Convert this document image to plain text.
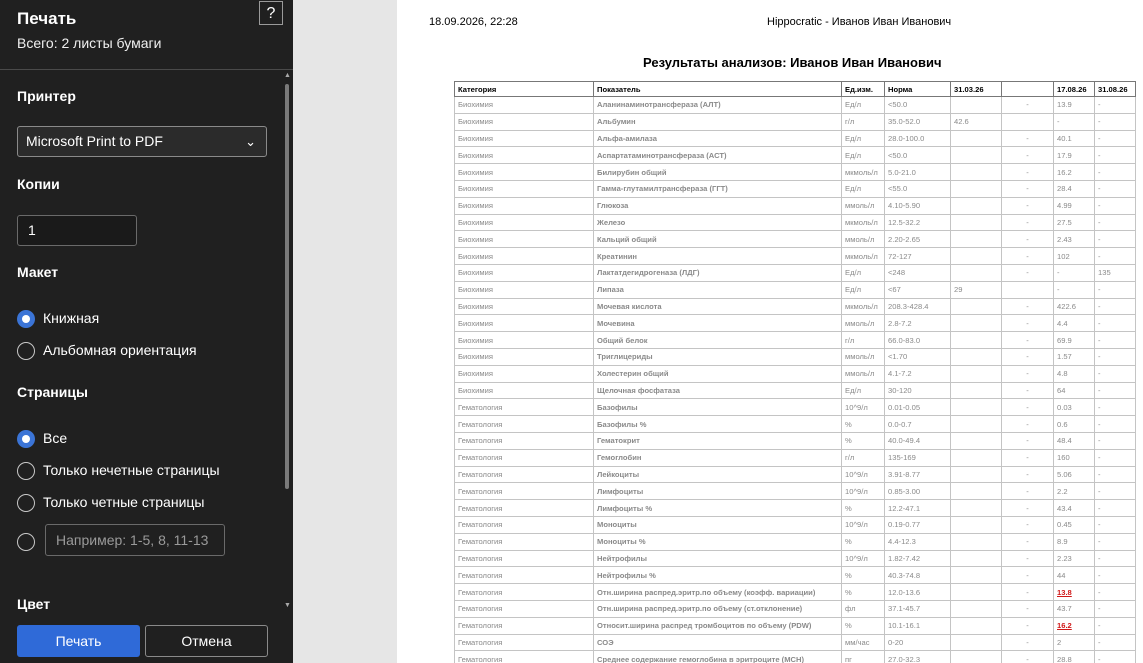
Печать
Всего: 2 листы бумаги
?
Принтер
Microsoft Print to PDF	⌄
Копии
1
Макет
Книжная
Альбомная ориентация
Страницы
Все
Только нечетные страницы
Только четные страницы
Например: 1-5, 8, 11-13
Цвет
▲
▼
Печать	Отмена
18.09.2026, 22:28	Hippocratic - Иванов Иван Иванович
Результаты анализов: Иванов Иван Иванович
Категория	Показатель	Ед.изм.	Норма	31.03.26		17.08.26	31.08.26
Биохимия	Аланинаминотрансфераза (АЛТ)	Ед/л	<50.0		-	13.9	-
Биохимия	Альбумин	г/л	35.0-52.0	42.6		-	-
Биохимия	Альфа-амилаза	Ед/л	28.0-100.0		-	40.1	-
Биохимия	Аспартатаминотрансфераза (АСТ)	Ед/л	<50.0		-	17.9	-
Биохимия	Билирубин общий	мкмоль/л	5.0-21.0		-	16.2	-
Биохимия	Гамма-глутамилтрансфераза (ГГТ)	Ед/л	<55.0		-	28.4	-
Биохимия	Глюкоза	ммоль/л	4.10-5.90		-	4.99	-
Биохимия	Железо	мкмоль/л	12.5-32.2		-	27.5	-
Биохимия	Кальций общий	ммоль/л	2.20-2.65		-	2.43	-
Биохимия	Креатинин	мкмоль/л	72-127		-	102	-
Биохимия	Лактатдегидрогеназа (ЛДГ)	Ед/л	<248		-	-	135
Биохимия	Липаза	Ед/л	<67	29		-	-
Биохимия	Мочевая кислота	мкмоль/л	208.3-428.4		-	422.6	-
Биохимия	Мочевина	ммоль/л	2.8-7.2		-	4.4	-
Биохимия	Общий белок	г/л	66.0-83.0		-	69.9	-
Биохимия	Триглицериды	ммоль/л	<1.70		-	1.57	-
Биохимия	Холестерин общий	ммоль/л	4.1-7.2		-	4.8	-
Биохимия	Щелочная фосфатаза	Ед/л	30-120		-	64	-
Гематология	Базофилы	10^9/л	0.01-0.05		-	0.03	-
Гематология	Базофилы %	%	0.0-0.7		-	0.6	-
Гематология	Гематокрит	%	40.0-49.4		-	48.4	-
Гематология	Гемоглобин	г/л	135-169		-	160	-
Гематология	Лейкоциты	10^9/л	3.91-8.77		-	5.06	-
Гематология	Лимфоциты	10^9/л	0.85-3.00		-	2.2	-
Гематология	Лимфоциты %	%	12.2-47.1		-	43.4	-
Гематология	Моноциты	10^9/л	0.19-0.77		-	0.45	-
Гематология	Моноциты %	%	4.4-12.3		-	8.9	-
Гематология	Нейтрофилы	10^9/л	1.82-7.42		-	2.23	-
Гематология	Нейтрофилы %	%	40.3-74.8		-	44	-
Гематология	Отн.ширина распред.эритр.по объему (коэфф. вариации)	%	12.0-13.6		-	13.8	-
Гематология	Отн.ширина распред.эритр.по объему (ст.отклонение)	фл	37.1-45.7		-	43.7	-
Гематология	Относит.ширина распред тромбоцитов по объему (PDW)	%	10.1-16.1		-	16.2	-
Гематология	СОЭ	мм/час	0-20		-	2	-
Гематология	Среднее содержание гемоглобина в эритроците (MCH)	пг	27.0-32.3		-	28.8	-
